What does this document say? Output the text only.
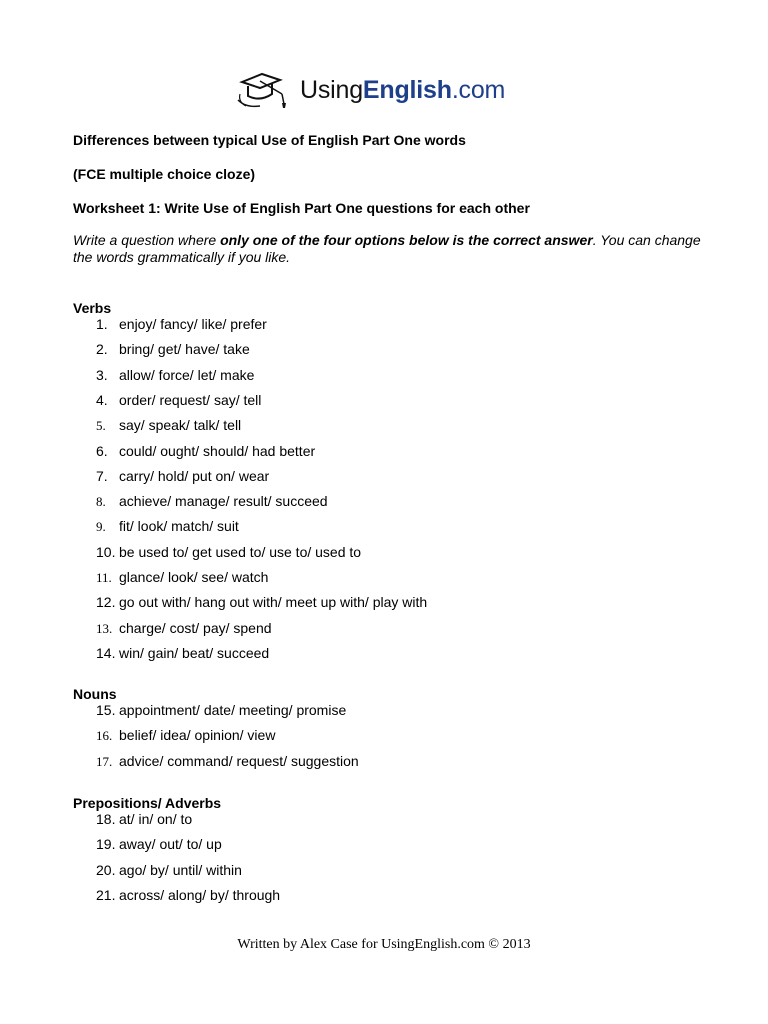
UsingEnglish.com
Differences between typical Use of English Part One words
(FCE multiple choice cloze)
Worksheet 1: Write Use of English Part One questions for each other
Write a question where only one of the four options below is the correct answer. You can change the words grammatically if you like.
Verbs
1. enjoy/ fancy/ like/ prefer
2. bring/ get/ have/ take
3. allow/ force/ let/ make
4. order/ request/ say/ tell
5. say/ speak/ talk/ tell
6. could/ ought/ should/ had better
7. carry/ hold/ put on/ wear
8. achieve/ manage/ result/ succeed
9. fit/ look/ match/ suit
10. be used to/ get used to/ use to/ used to
11. glance/ look/ see/ watch
12. go out with/ hang out with/ meet up with/ play with
13. charge/ cost/ pay/ spend
14. win/ gain/ beat/ succeed
Nouns
15. appointment/ date/ meeting/ promise
16. belief/ idea/ opinion/ view
17. advice/ command/ request/ suggestion
Prepositions/ Adverbs
18. at/ in/ on/ to
19. away/ out/ to/ up
20. ago/ by/ until/ within
21. across/ along/ by/ through
Written by Alex Case for UsingEnglish.com © 2013
